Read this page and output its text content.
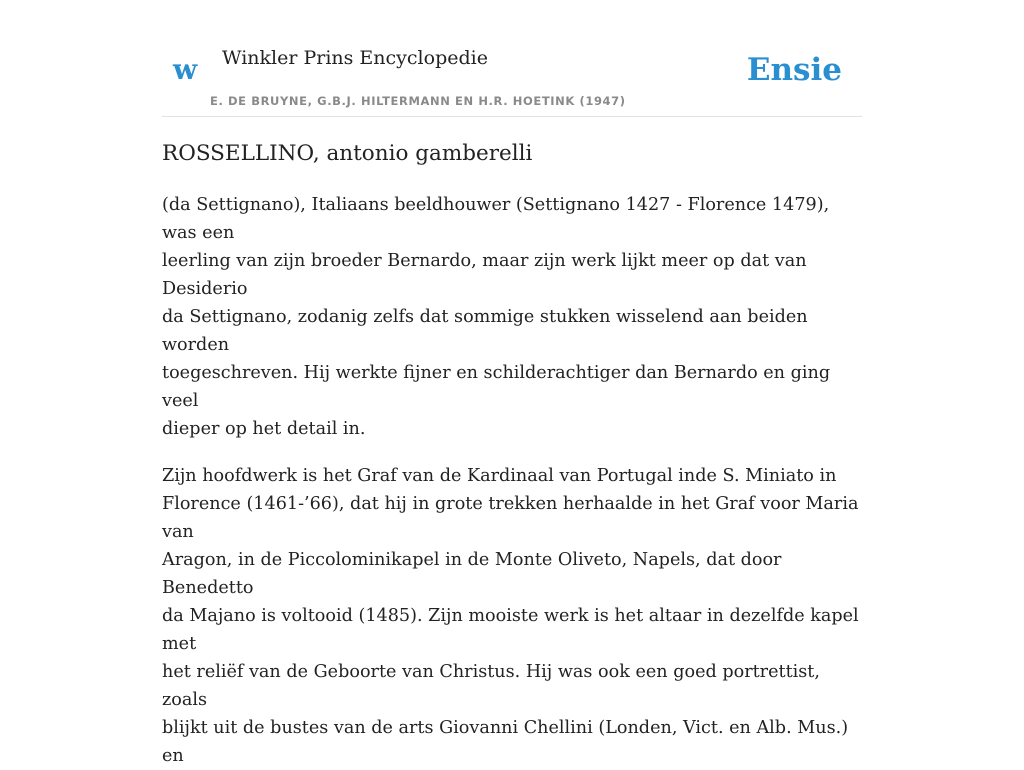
w Winkler Prins Encyclopedie
E. DE BRUYNE, G.B.J. HILTERMANN EN H.R. HOETINK (1947)
Ensie
ROSSELLINO, antonio gamberelli

(da Settignano), Italiaans beeldhouwer (Settignano 1427 - Florence 1479), was een
leerling van zijn broeder Bernardo, maar zijn werk lijkt meer op dat van Desiderio
da Settignano, zodanig zelfs dat sommige stukken wisselend aan beiden worden
toegeschreven. Hij werkte fijner en schilderachtiger dan Bernardo en ging veel
dieper op het detail in.

Zijn hoofdwerk is het Graf van de Kardinaal van Portugal inde S. Miniato in
Florence (1461-’66), dat hij in grote trekken herhaalde in het Graf voor Maria van
Aragon, in de Piccolominikapel in de Monte Oliveto, Napels, dat door Benedetto
da Majano is voltooid (1485). Zijn mooiste werk is het altaar in dezelfde kapel met
het reliëf van de Geboorte van Christus. Hij was ook een goed portrettist, zoals
blijkt uit de bustes van de arts Giovanni Chellini (Londen, Vict. en Alb. Mus.) en
